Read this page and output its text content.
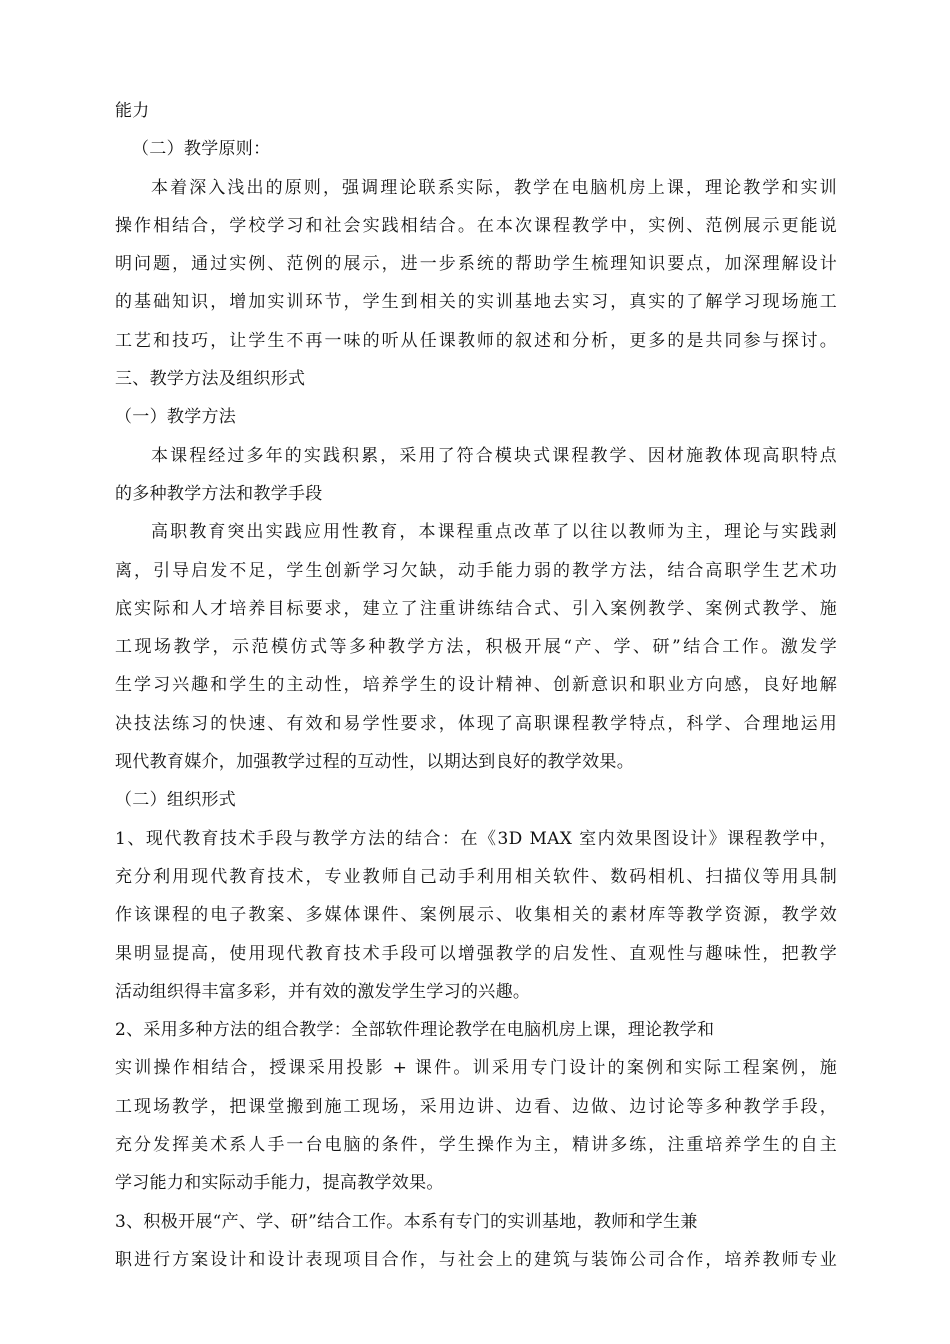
能力
（二）教学原则：
本着深入浅出的原则，强调理论联系实际，教学在电脑机房上课，理论教学和实训
操作相结合，学校学习和社会实践相结合。在本次课程教学中，实例、范例展示更能说
明问题，通过实例、范例的展示，进一步系统的帮助学生梳理知识要点，加深理解设计
的基础知识，增加实训环节，学生到相关的实训基地去实习，真实的了解学习现场施工
工艺和技巧，让学生不再一味的听从任课教师的叙述和分析，更多的是共同参与探讨。
三、教学方法及组织形式
（一）教学方法
本课程经过多年的实践积累，采用了符合模块式课程教学、因材施教体现高职特点
的多种教学方法和教学手段
高职教育突出实践应用性教育，本课程重点改革了以往以教师为主，理论与实践剥
离，引导启发不足，学生创新学习欠缺，动手能力弱的教学方法，结合高职学生艺术功
底实际和人才培养目标要求，建立了注重讲练结合式、引入案例教学、案例式教学、施
工现场教学，示范模仿式等多种教学方法，积极开展“产、学、研”结合工作。激发学
生学习兴趣和学生的主动性，培养学生的设计精神、创新意识和职业方向感，良好地解
决技法练习的快速、有效和易学性要求，体现了高职课程教学特点，科学、合理地运用
现代教育媒介，加强教学过程的互动性，以期达到良好的教学效果。
（二）组织形式
1、现代教育技术手段与教学方法的结合：在《3D MAX 室内效果图设计》课程教学中，
充分利用现代教育技术，专业教师自己动手利用相关软件、数码相机、扫描仪等用具制
作该课程的电子教案、多媒体课件、案例展示、收集相关的素材库等教学资源，教学效
果明显提高，使用现代教育技术手段可以增强教学的启发性、直观性与趣味性，把教学
活动组织得丰富多彩，并有效的激发学生学习的兴趣。
2、采用多种方法的组合教学：全部软件理论教学在电脑机房上课，理论教学和
实训操作相结合，授课采用投影 + 课件。训采用专门设计的案例和实际工程案例，施
工现场教学，把课堂搬到施工现场，采用边讲、边看、边做、边讨论等多种教学手段，
充分发挥美术系人手一台电脑的条件，学生操作为主，精讲多练，注重培养学生的自主
学习能力和实际动手能力，提高教学效果。
3、积极开展“产、学、研”结合工作。本系有专门的实训基地，教师和学生兼
职进行方案设计和设计表现项目合作，与社会上的建筑与装饰公司合作，培养教师专业
